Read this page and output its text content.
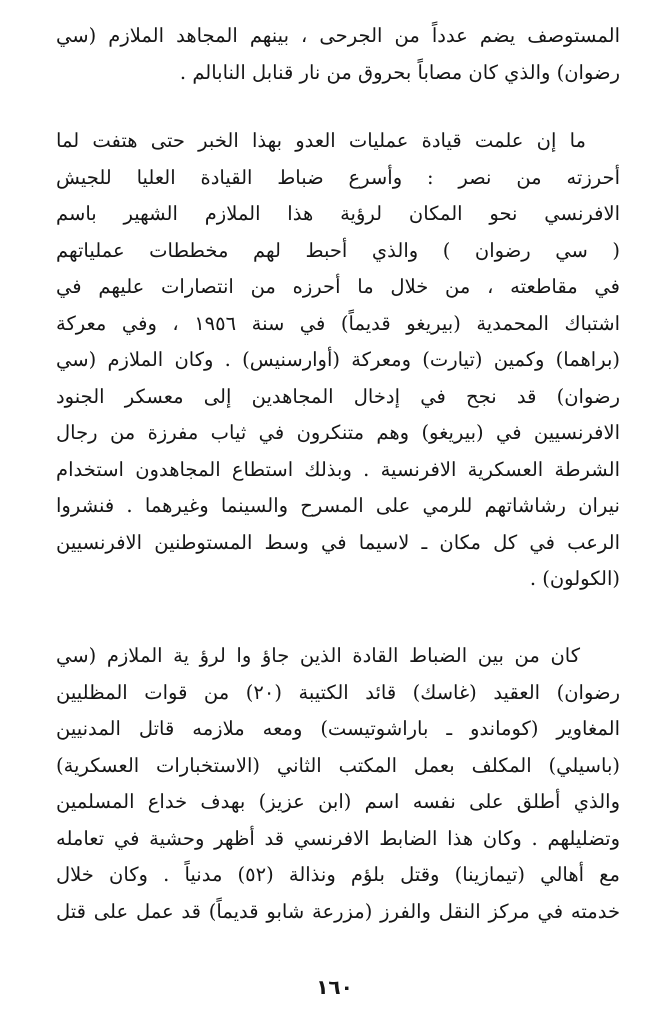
المستوصف يضم عدداً من الجرحى ، بينهم المجاهد الملازم (سي
رضوان) والذي كان مصاباً بحروق من نار قنابل النابالم .
ما إن علمت قيادة عمليات العدو بهذا الخبر حتى هتفت لما
أحرزته من نصر : وأسرع ضباط القيادة العليا للجيش
الافرنسي نحو المكان لرؤية هذا الملازم الشهير باسم
( سي رضوان ) والذي أحبط لهم مخططات عملياتهم
في مقاطعته ، من خلال ما أحرزه من انتصارات عليهم في
اشتباك المحمدية (بيريغو قديماً) في سنة ١٩٥٦ ، وفي معركة
(براهما) وكمين (تيارت) ومعركة (أوارسنيس) . وكان الملازم (سي
رضوان) قد نجح في إدخال المجاهدين إلى معسكر الجنود
الافرنسيين في (بيريغو) وهم متنكرون في ثياب مفرزة من رجال
الشرطة العسكرية الافرنسية . وبذلك استطاع المجاهدون استخدام
نيران رشاشاتهم للرمي على المسرح والسينما وغيرهما . فنشروا
الرعب في كل مكان ـ لاسيما في وسط المستوطنين الافرنسيين
(الكولون) .
كان من بين الضباط القادة الذين جاؤ وا لرؤ ية الملازم (سي
رضوان) العقيد (غاسك) قائد الكتيبة (٢٠) من قوات المظليين
المغاوير (كوماندو ـ باراشوتيست) ومعه ملازمه قاتل المدنيين
(باسيلي) المكلف بعمل المكتب الثاني (الاستخبارات العسكرية)
والذي أطلق على نفسه اسم (ابن عزيز) بهدف خداع المسلمين
وتضليلهم . وكان هذا الضابط الافرنسي قد أظهر وحشية في تعامله
مع أهالي (تيمازينا) وقتل بلؤم ونذالة (٥٢) مدنياً . وكان خلال
خدمته في مركز النقل والفرز (مزرعة شابو قديماً) قد عمل على قتل
١٦٠
